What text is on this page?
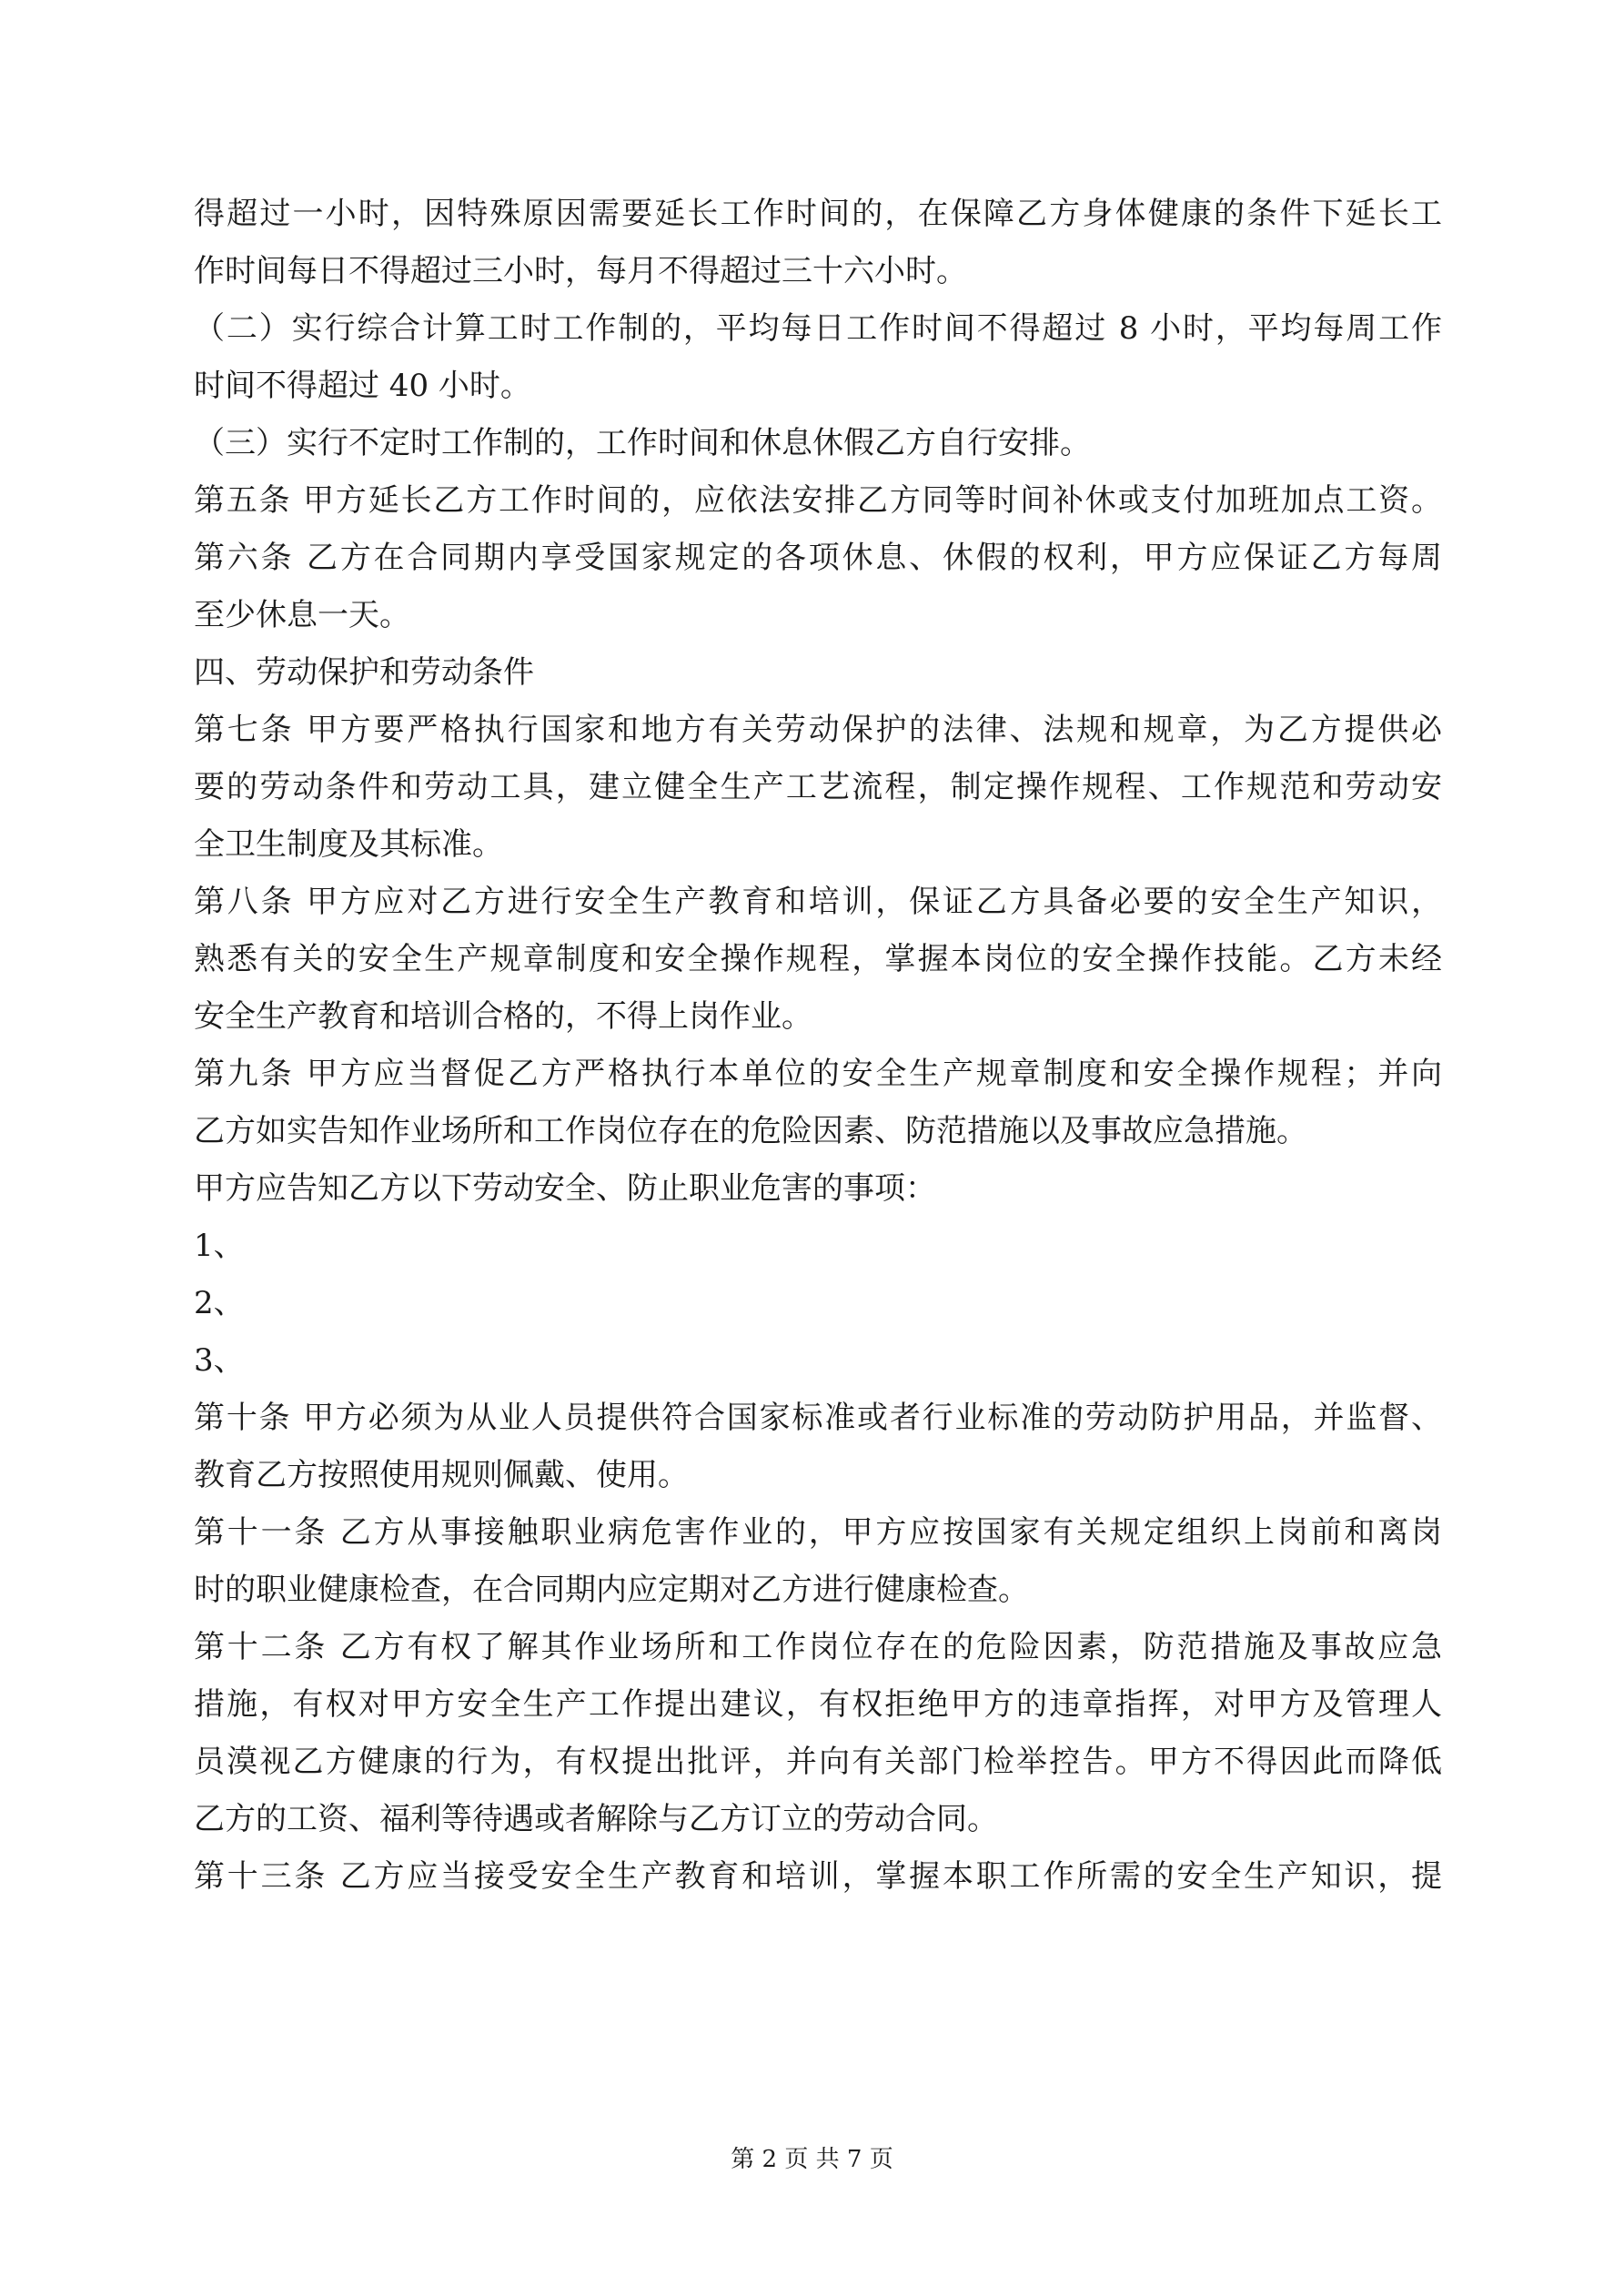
得超过一小时，因特殊原因需要延长工作时间的，在保障乙方身体健康的条件下延长工
作时间每日不得超过三小时，每月不得超过三十六小时。
（二）实行综合计算工时工作制的，平均每日工作时间不得超过 8 小时，平均每周工作
时间不得超过 40 小时。
（三）实行不定时工作制的，工作时间和休息休假乙方自行安排。
第五条 甲方延长乙方工作时间的，应依法安排乙方同等时间补休或支付加班加点工资。
第六条 乙方在合同期内享受国家规定的各项休息、休假的权利，甲方应保证乙方每周
至少休息一天。
四、劳动保护和劳动条件
第七条 甲方要严格执行国家和地方有关劳动保护的法律、法规和规章，为乙方提供必
要的劳动条件和劳动工具，建立健全生产工艺流程，制定操作规程、工作规范和劳动安
全卫生制度及其标准。
第八条 甲方应对乙方进行安全生产教育和培训，保证乙方具备必要的安全生产知识，
熟悉有关的安全生产规章制度和安全操作规程，掌握本岗位的安全操作技能。乙方未经
安全生产教育和培训合格的，不得上岗作业。
第九条 甲方应当督促乙方严格执行本单位的安全生产规章制度和安全操作规程；并向
乙方如实告知作业场所和工作岗位存在的危险因素、防范措施以及事故应急措施。
甲方应告知乙方以下劳动安全、防止职业危害的事项：
1、
2、
3、
第十条 甲方必须为从业人员提供符合国家标准或者行业标准的劳动防护用品，并监督、
教育乙方按照使用规则佩戴、使用。
第十一条 乙方从事接触职业病危害作业的，甲方应按国家有关规定组织上岗前和离岗
时的职业健康检查，在合同期内应定期对乙方进行健康检查。
第十二条 乙方有权了解其作业场所和工作岗位存在的危险因素，防范措施及事故应急
措施，有权对甲方安全生产工作提出建议，有权拒绝甲方的违章指挥，对甲方及管理人
员漠视乙方健康的行为，有权提出批评，并向有关部门检举控告。甲方不得因此而降低
乙方的工资、福利等待遇或者解除与乙方订立的劳动合同。
第十三条 乙方应当接受安全生产教育和培训，掌握本职工作所需的安全生产知识，提
第 2 页 共 7 页
